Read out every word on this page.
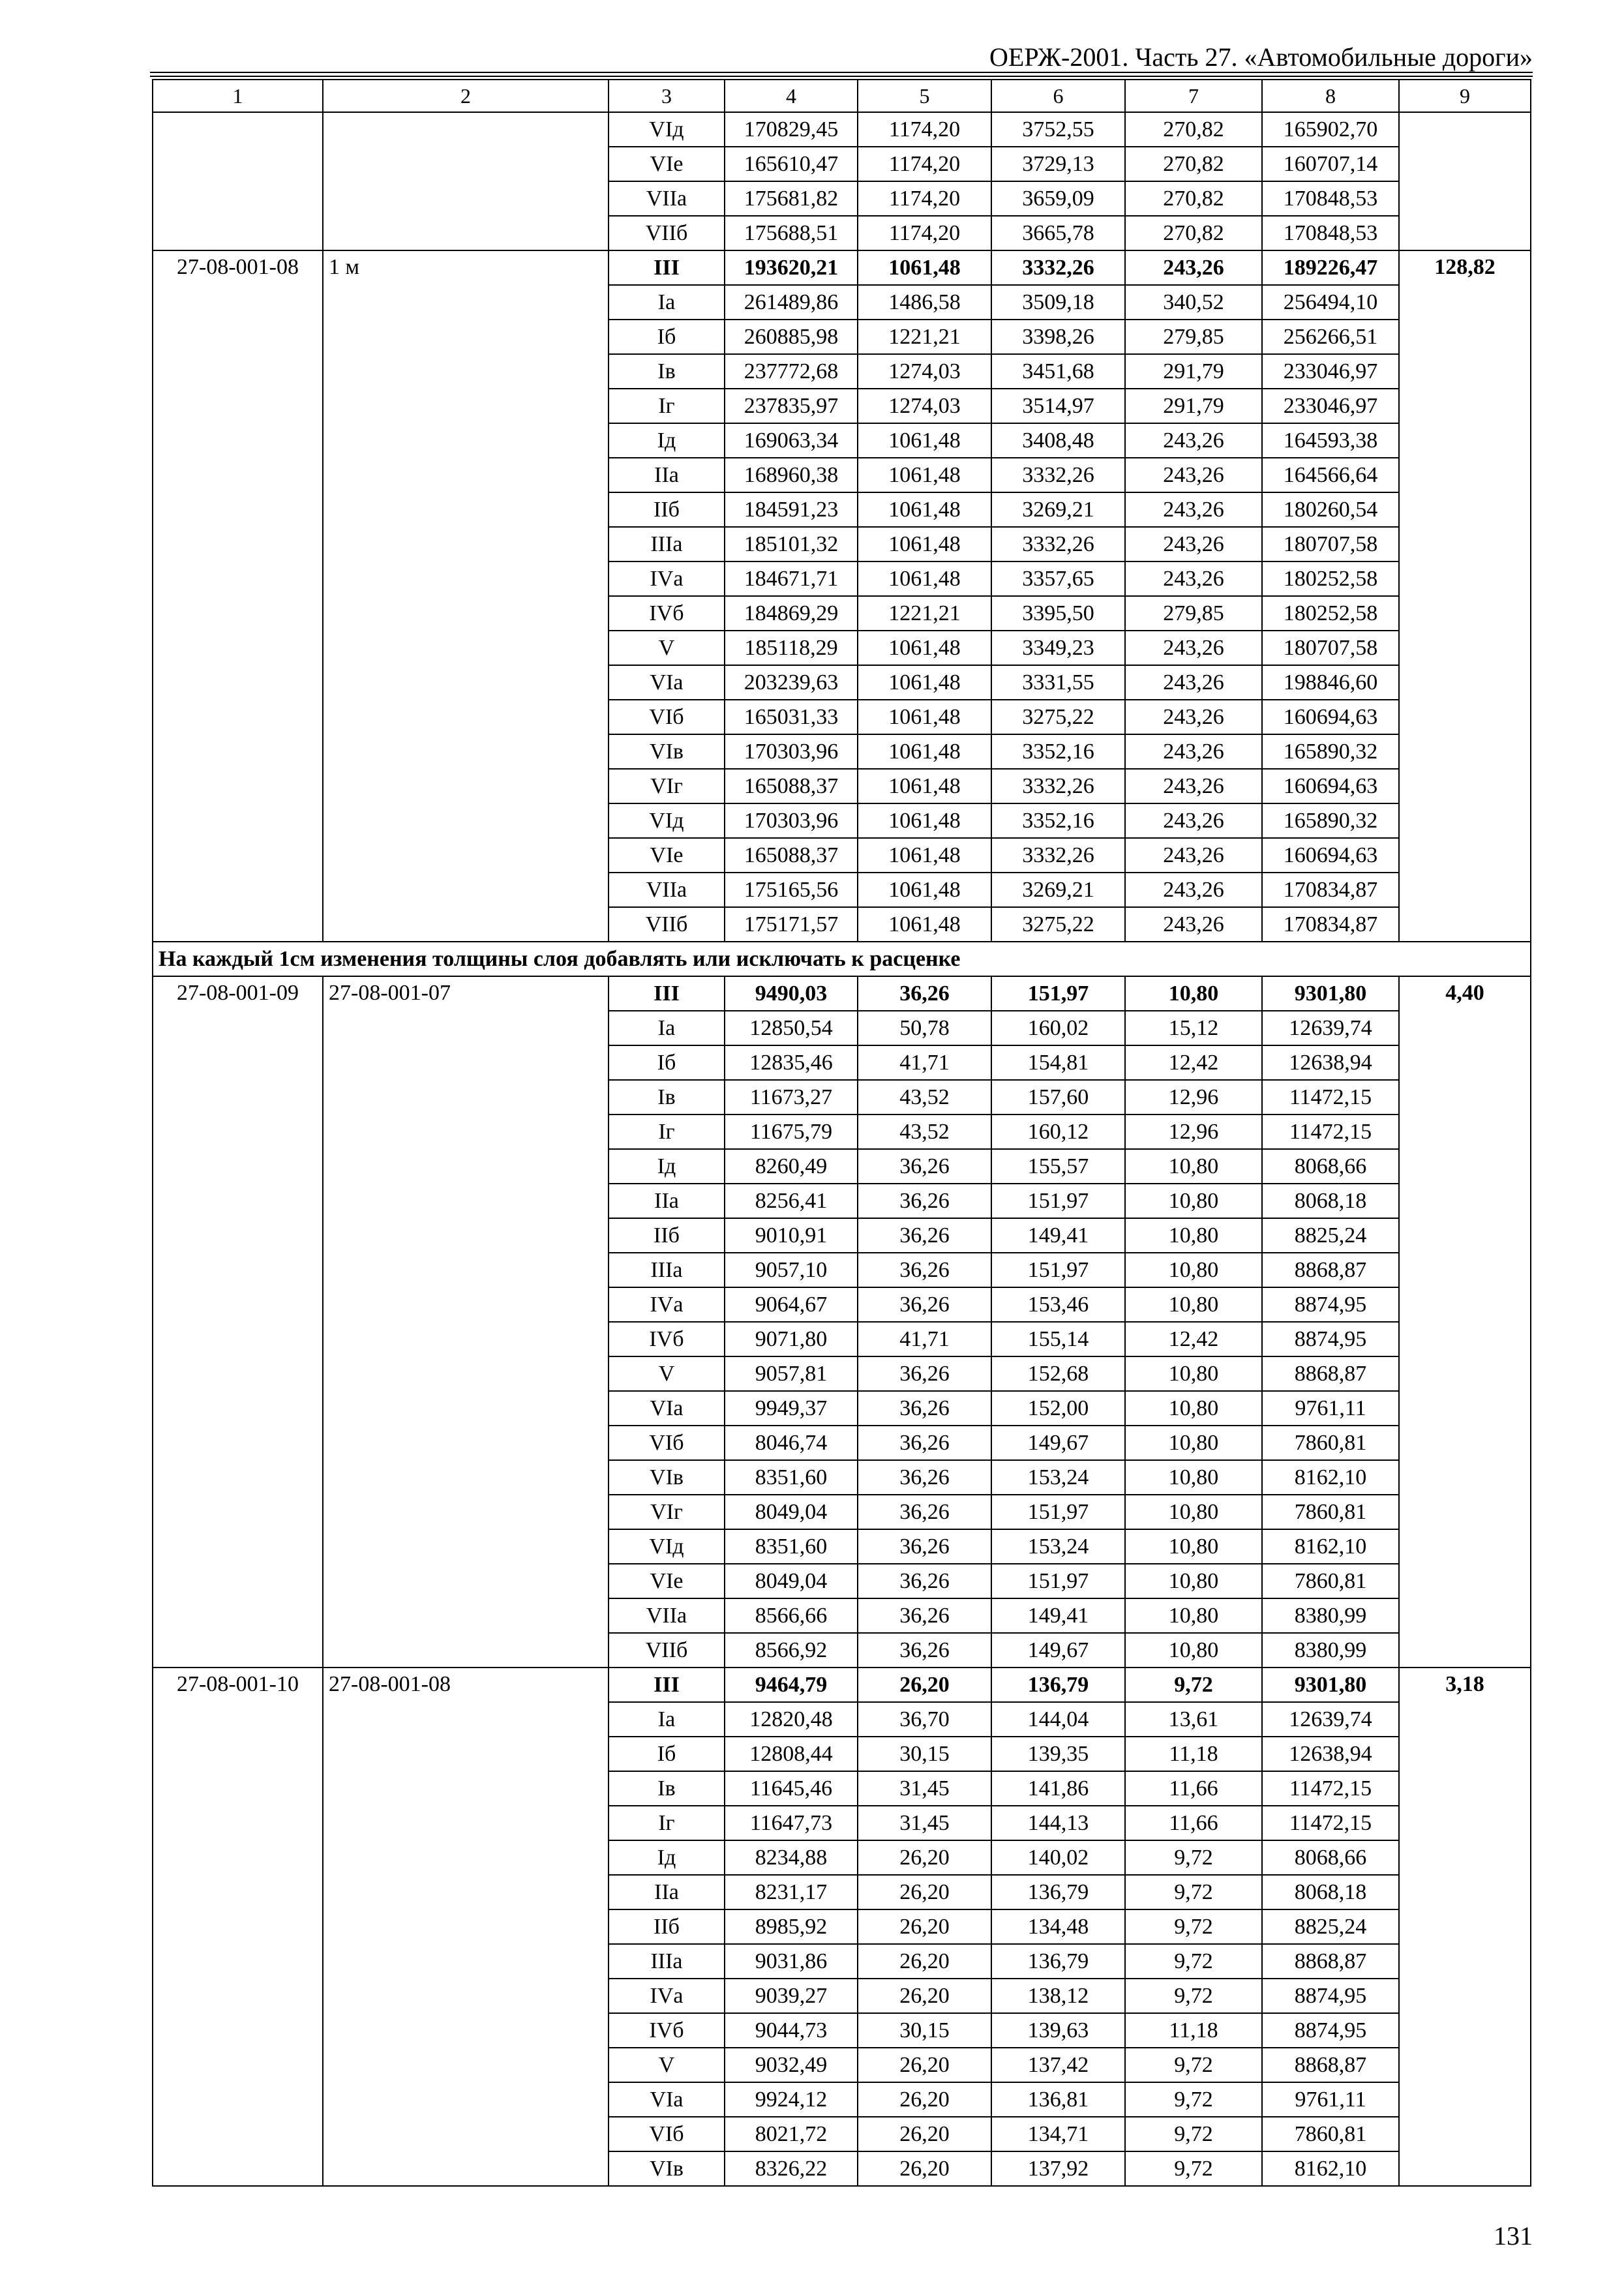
ОЕРЖ-2001. Часть 27. «Автомобильные дороги»
1	2	3	4	5	6	7	8	9
		VIд	170829,45	1174,20	3752,55	270,82	165902,70	
		VIe	165610,47	1174,20	3729,13	270,82	160707,14	
		VIIа	175681,82	1174,20	3659,09	270,82	170848,53	
		VIIб	175688,51	1174,20	3665,78	270,82	170848,53	
27-08-001-08	1 м	III	193620,21	1061,48	3332,26	243,26	189226,47	128,82
		Iа	261489,86	1486,58	3509,18	340,52	256494,10	
		Iб	260885,98	1221,21	3398,26	279,85	256266,51	
		Iв	237772,68	1274,03	3451,68	291,79	233046,97	
		Iг	237835,97	1274,03	3514,97	291,79	233046,97	
		Iд	169063,34	1061,48	3408,48	243,26	164593,38	
		IIа	168960,38	1061,48	3332,26	243,26	164566,64	
		IIб	184591,23	1061,48	3269,21	243,26	180260,54	
		IIIа	185101,32	1061,48	3332,26	243,26	180707,58	
		IVа	184671,71	1061,48	3357,65	243,26	180252,58	
		IVб	184869,29	1221,21	3395,50	279,85	180252,58	
		V	185118,29	1061,48	3349,23	243,26	180707,58	
		VIа	203239,63	1061,48	3331,55	243,26	198846,60	
		VIб	165031,33	1061,48	3275,22	243,26	160694,63	
		VIв	170303,96	1061,48	3352,16	243,26	165890,32	
		VIг	165088,37	1061,48	3332,26	243,26	160694,63	
		VIд	170303,96	1061,48	3352,16	243,26	165890,32	
		VIe	165088,37	1061,48	3332,26	243,26	160694,63	
		VIIа	175165,56	1061,48	3269,21	243,26	170834,87	
		VIIб	175171,57	1061,48	3275,22	243,26	170834,87	
На каждый 1см изменения толщины слоя добавлять или исключать к расценке								
27-08-001-09	27-08-001-07	III	9490,03	36,26	151,97	10,80	9301,80	4,40
		Iа	12850,54	50,78	160,02	15,12	12639,74	
		Iб	12835,46	41,71	154,81	12,42	12638,94	
		Iв	11673,27	43,52	157,60	12,96	11472,15	
		Iг	11675,79	43,52	160,12	12,96	11472,15	
		Iд	8260,49	36,26	155,57	10,80	8068,66	
		IIа	8256,41	36,26	151,97	10,80	8068,18	
		IIб	9010,91	36,26	149,41	10,80	8825,24	
		IIIа	9057,10	36,26	151,97	10,80	8868,87	
		IVа	9064,67	36,26	153,46	10,80	8874,95	
		IVб	9071,80	41,71	155,14	12,42	8874,95	
		V	9057,81	36,26	152,68	10,80	8868,87	
		VIа	9949,37	36,26	152,00	10,80	9761,11	
		VIб	8046,74	36,26	149,67	10,80	7860,81	
		VIв	8351,60	36,26	153,24	10,80	8162,10	
		VIг	8049,04	36,26	151,97	10,80	7860,81	
		VIд	8351,60	36,26	153,24	10,80	8162,10	
		VIe	8049,04	36,26	151,97	10,80	7860,81	
		VIIа	8566,66	36,26	149,41	10,80	8380,99	
		VIIб	8566,92	36,26	149,67	10,80	8380,99	
27-08-001-10	27-08-001-08	III	9464,79	26,20	136,79	9,72	9301,80	3,18
		Iа	12820,48	36,70	144,04	13,61	12639,74	
		Iб	12808,44	30,15	139,35	11,18	12638,94	
		Iв	11645,46	31,45	141,86	11,66	11472,15	
		Iг	11647,73	31,45	144,13	11,66	11472,15	
		Iд	8234,88	26,20	140,02	9,72	8068,66	
		IIа	8231,17	26,20	136,79	9,72	8068,18	
		IIб	8985,92	26,20	134,48	9,72	8825,24	
		IIIа	9031,86	26,20	136,79	9,72	8868,87	
		IVа	9039,27	26,20	138,12	9,72	8874,95	
		IVб	9044,73	30,15	139,63	11,18	8874,95	
		V	9032,49	26,20	137,42	9,72	8868,87	
		VIа	9924,12	26,20	136,81	9,72	9761,11	
		VIб	8021,72	26,20	134,71	9,72	7860,81	
		VIв	8326,22	26,20	137,92	9,72	8162,10	
131
